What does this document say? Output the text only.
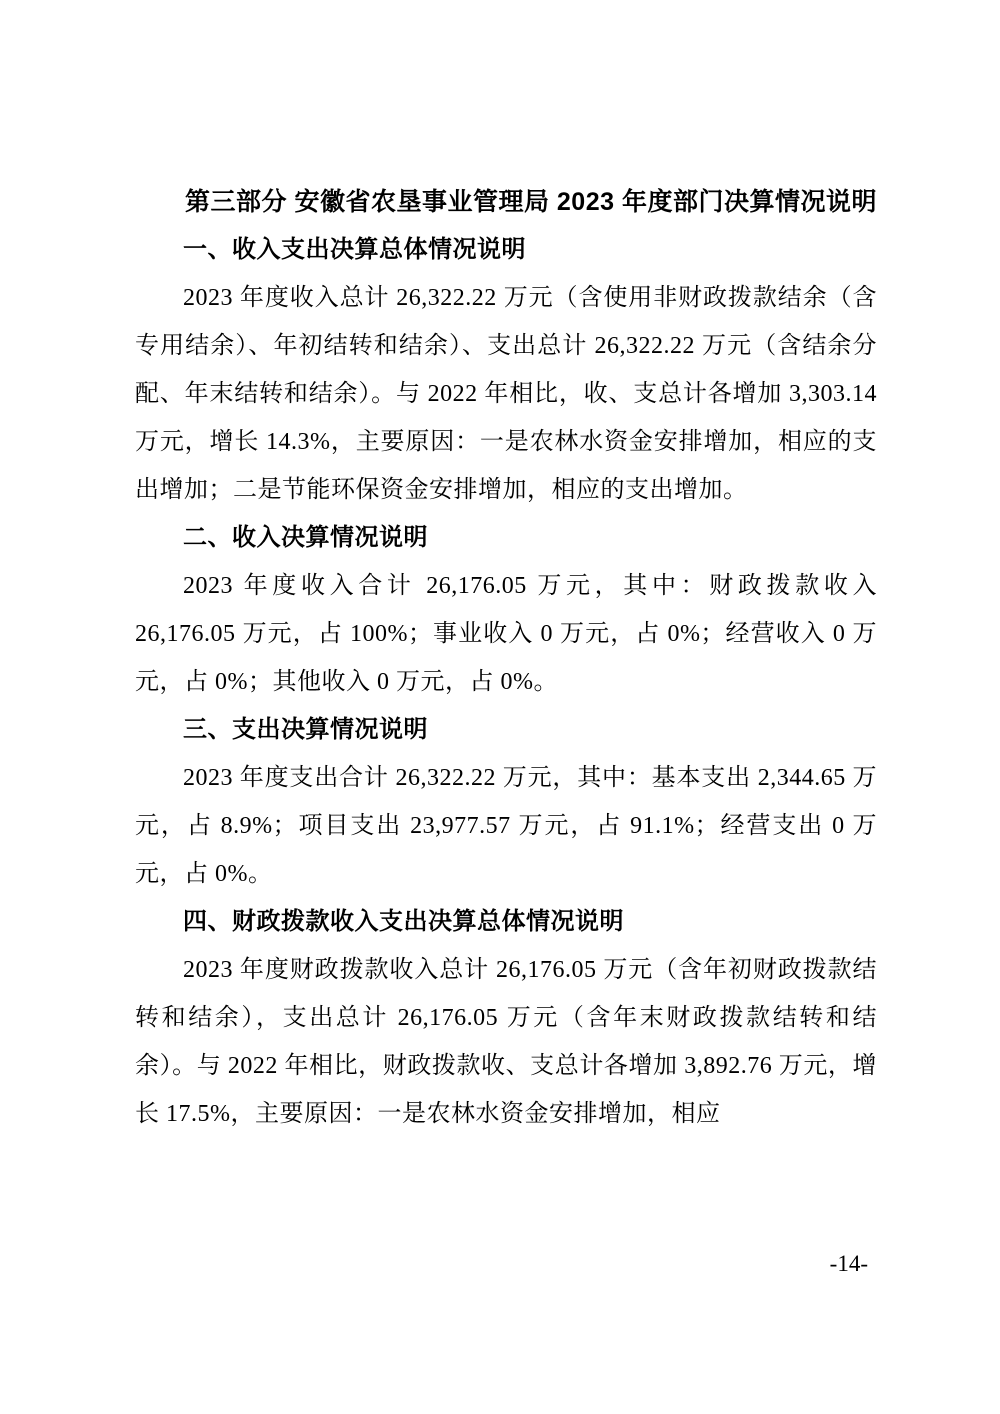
第三部分 安徽省农垦事业管理局 2023 年度部门决算情况说明

一、收入支出决算总体情况说明

2023 年度收入总计 26,322.22 万元（含使用非财政拨款结余（含专用结余）、年初结转和结余）、支出总计 26,322.22 万元（含结余分配、年末结转和结余）。与 2022 年相比，收、支总计各增加 3,303.14 万元，增长 14.3%，主要原因：一是农林水资金安排增加，相应的支出增加；二是节能环保资金安排增加，相应的支出增加。

二、收入决算情况说明

2023 年度收入合计 26,176.05 万元，其中：财政拨款收入 26,176.05 万元，占 100%；事业收入 0 万元，占 0%；经营收入 0 万元，占 0%；其他收入 0 万元，占 0%。

三、支出决算情况说明

2023 年度支出合计 26,322.22 万元，其中：基本支出 2,344.65 万元，占 8.9%；项目支出 23,977.57 万元，占 91.1%；经营支出 0 万元，占 0%。

四、财政拨款收入支出决算总体情况说明

2023 年度财政拨款收入总计 26,176.05 万元（含年初财政拨款结转和结余），支出总计 26,176.05 万元（含年末财政拨款结转和结余）。与 2022 年相比，财政拨款收、支总计各增加 3,892.76 万元，增长 17.5%，主要原因：一是农林水资金安排增加，相应

-14-
